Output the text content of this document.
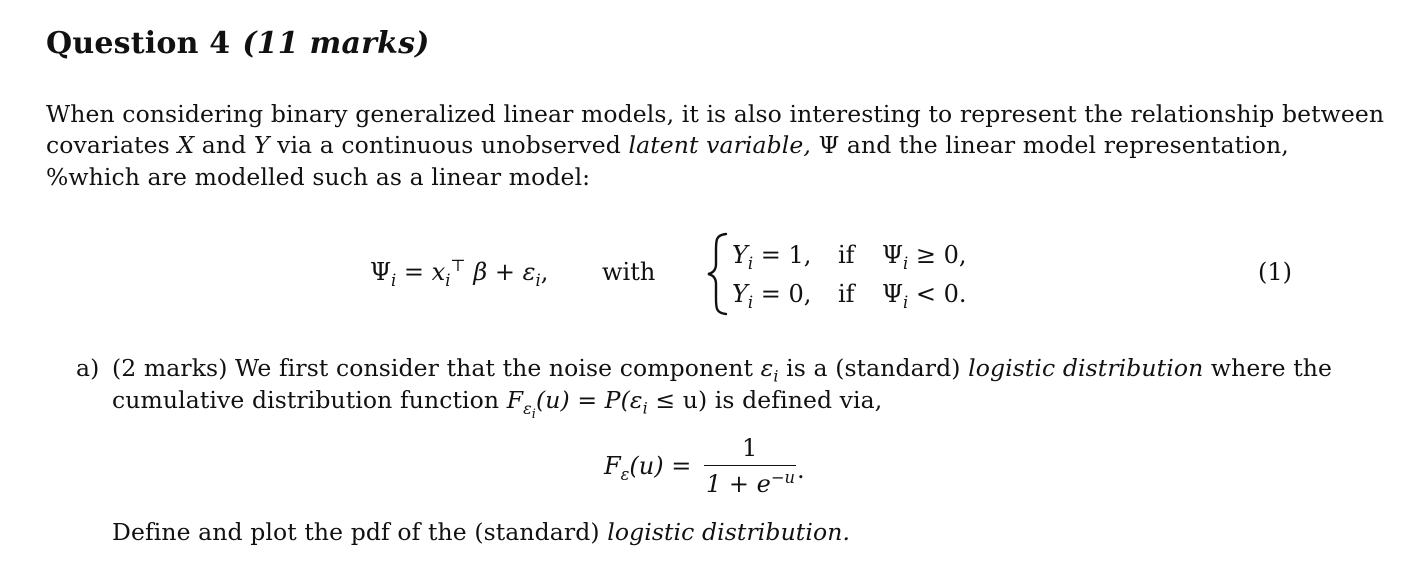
Question 4 (11 marks)
When considering binary generalized linear models, it is also interesting to represent the relationship between
covariates X and Y via a continuous unobserved latent variable, Ψ and the linear model representation,
%which are modelled such as a linear model:
$\Psi_i = x_i^⊤$ $\beta + \varepsilon_i$, with
$Y_i = 1$, if $\Psi_i \ge 0$,
$Y_i = 0$, if $\Psi_i < 0$.
(1)
a) (2 marks) We first consider that the noise component $\varepsilon_i$ is a (standard) logistic distribution where the
cumulative distribution function $F_{\varepsilon_i}(u) = P(\varepsilon_i \le u)$ is defined via,
$F_\varepsilon(u)$ =
1
$1 + e^{-u}$ .
Define and plot the pdf of the (standard) logistic distribution.
